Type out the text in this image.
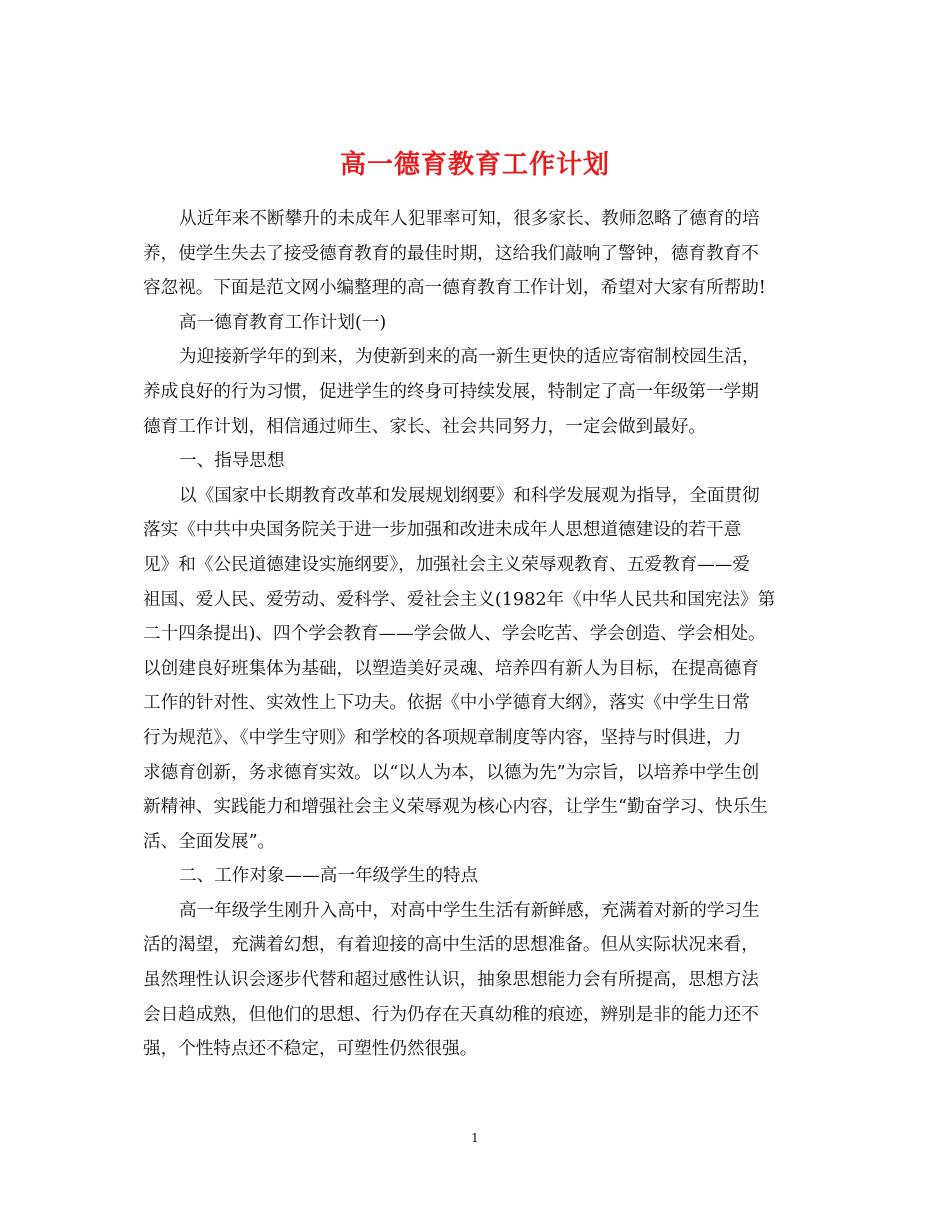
高一德育教育工作计划

从近年来不断攀升的未成年人犯罪率可知，很多家长、教师忽略了德育的培
养，使学生失去了接受德育教育的最佳时期，这给我们敲响了警钟，德育教育不
容忽视。下面是范文网小编整理的高一德育教育工作计划，希望对大家有所帮助!

高一德育教育工作计划(一)

为迎接新学年的到来，为使新到来的高一新生更快的适应寄宿制校园生活，
养成良好的行为习惯，促进学生的终身可持续发展，特制定了高一年级第一学期
德育工作计划，相信通过师生、家长、社会共同努力，一定会做到最好。

一、指导思想

以《国家中长期教育改革和发展规划纲要》和科学发展观为指导，全面贯彻
落实《中共中央国务院关于进一步加强和改进未成年人思想道德建设的若干意
见》和《公民道德建设实施纲要》，加强社会主义荣辱观教育、五爱教育——爱
祖国、爱人民、爱劳动、爱科学、爱社会主义(1982年《中华人民共和国宪法》第
二十四条提出)、四个学会教育——学会做人、学会吃苦、学会创造、学会相处。
以创建良好班集体为基础，以塑造美好灵魂、培养四有新人为目标，在提高德育
工作的针对性、实效性上下功夫。依据《中小学德育大纲》，落实《中学生日常
行为规范》、《中学生守则》和学校的各项规章制度等内容，坚持与时俱进，力
求德育创新，务求德育实效。以“以人为本，以德为先”为宗旨，以培养中学生创
新精神、实践能力和增强社会主义荣辱观为核心内容，让学生“勤奋学习、快乐生
活、全面发展”。

二、工作对象——高一年级学生的特点

高一年级学生刚升入高中，对高中学生生活有新鲜感，充满着对新的学习生
活的渴望，充满着幻想，有着迎接的高中生活的思想准备。但从实际状况来看，
虽然理性认识会逐步代替和超过感性认识，抽象思想能力会有所提高，思想方法
会日趋成熟，但他们的思想、行为仍存在天真幼稚的痕迹，辨别是非的能力还不
强，个性特点还不稳定，可塑性仍然很强。

1
